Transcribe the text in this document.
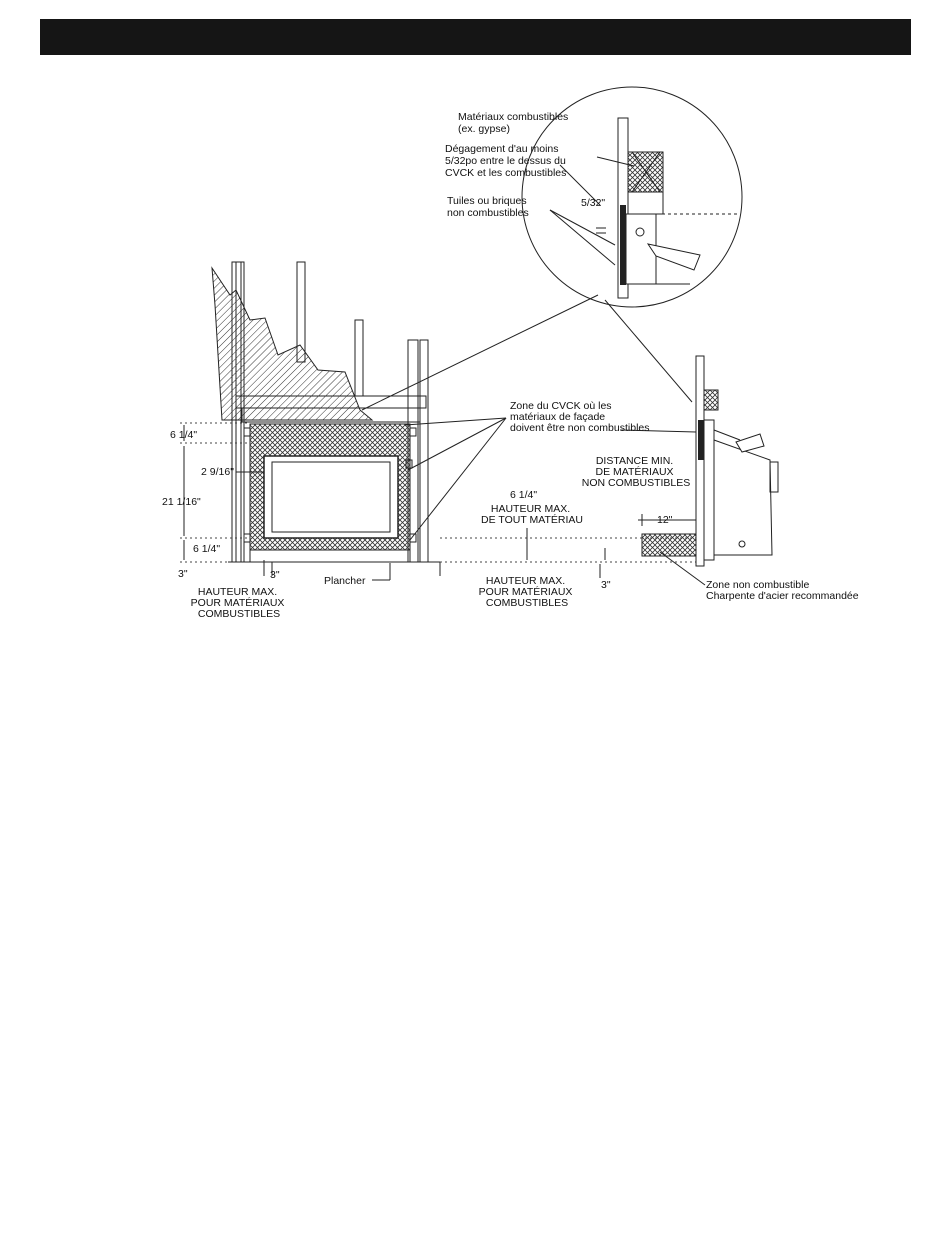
5/32"
Matériaux combustibles (ex. gypse)
Dégagement d'au moins 5/32po entre le dessus du CVCK et les combustibles
Tuiles ou briques non combustibles
6 1/4"
2 9/16"
21 1/16"
6 1/4"
3"	3"	Plancher
HAUTEUR MAX. POUR MATÉRIAUX COMBUSTIBLES
Zone du CVCK où les matériaux de façade doivent être non combustibles
6 1/4"
HAUTEUR MAX. DE TOUT MATÉRIAU
HAUTEUR MAX. POUR MATÉRIAUX COMBUSTIBLES
3"
12"
DISTANCE MIN. DE MATÉRIAUX NON COMBUSTIBLES
Zone non combustible Charpente d'acier recommandée
